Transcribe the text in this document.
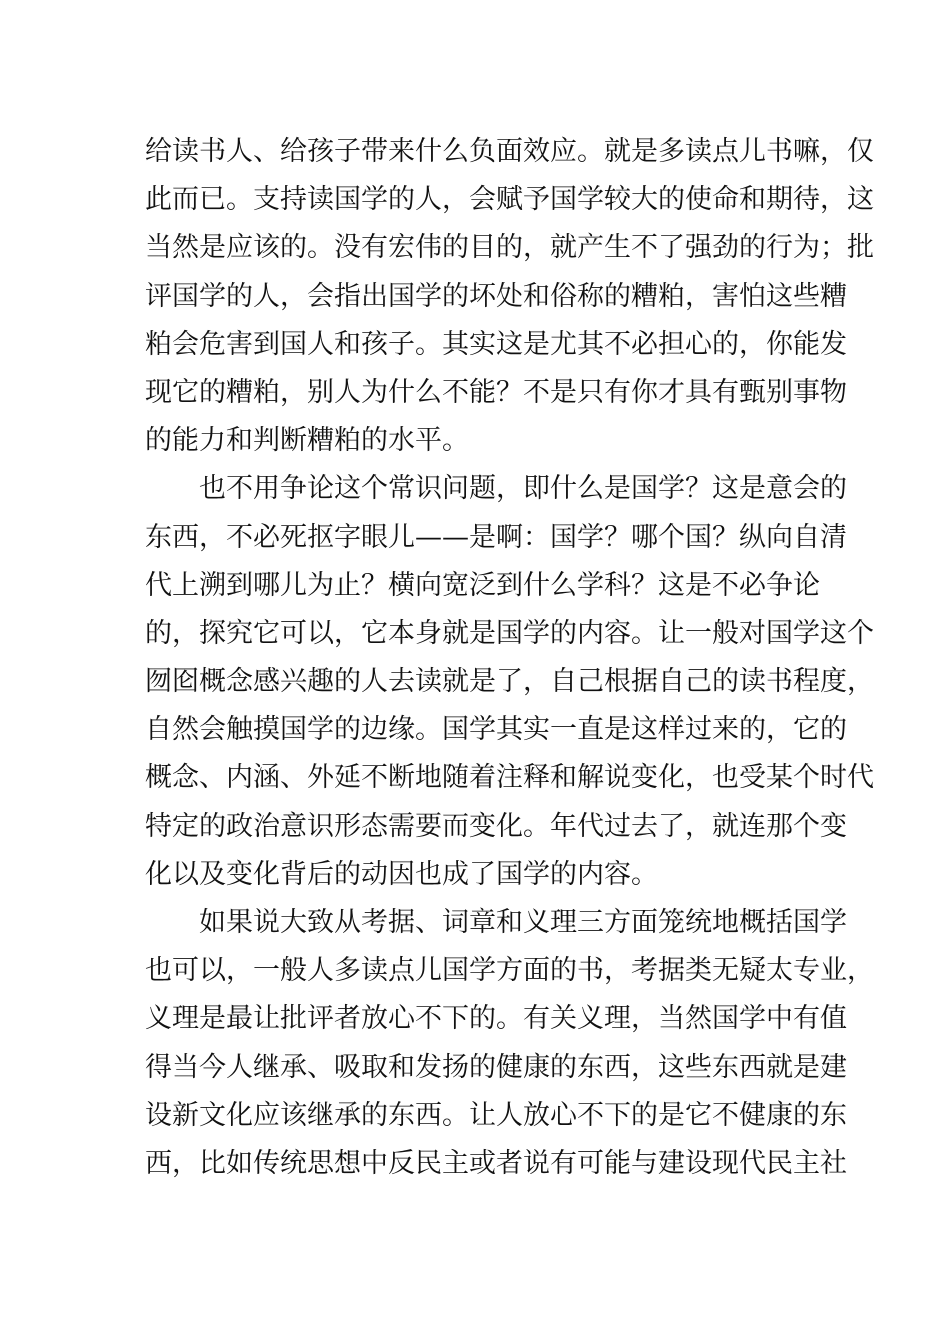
给读书人、给孩子带来什么负面效应。就是多读点儿书嘛，仅
此而已。支持读国学的人，会赋予国学较大的使命和期待，这
当然是应该的。没有宏伟的目的，就产生不了强劲的行为；批
评国学的人，会指出国学的坏处和俗称的糟粕，害怕这些糟
粕会危害到国人和孩子。其实这是尤其不必担心的，你能发
现它的糟粕，别人为什么不能？不是只有你才具有甄别事物
的能力和判断糟粕的水平。
也不用争论这个常识问题，即什么是国学？这是意会的
东西，不必死抠字眼儿——是啊：国学？哪个国？纵向自清
代上溯到哪儿为止？横向宽泛到什么学科？这是不必争论
的，探究它可以，它本身就是国学的内容。让一般对国学这个
囫囵概念感兴趣的人去读就是了，自己根据自己的读书程度，
自然会触摸国学的边缘。国学其实一直是这样过来的，它的
概念、内涵、外延不断地随着注释和解说变化，也受某个时代
特定的政治意识形态需要而变化。年代过去了，就连那个变
化以及变化背后的动因也成了国学的内容。
如果说大致从考据、词章和义理三方面笼统地概括国学
也可以，一般人多读点儿国学方面的书，考据类无疑太专业，
义理是最让批评者放心不下的。有关义理，当然国学中有值
得当今人继承、吸取和发扬的健康的东西，这些东西就是建
设新文化应该继承的东西。让人放心不下的是它不健康的东
西，比如传统思想中反民主或者说有可能与建设现代民主社
